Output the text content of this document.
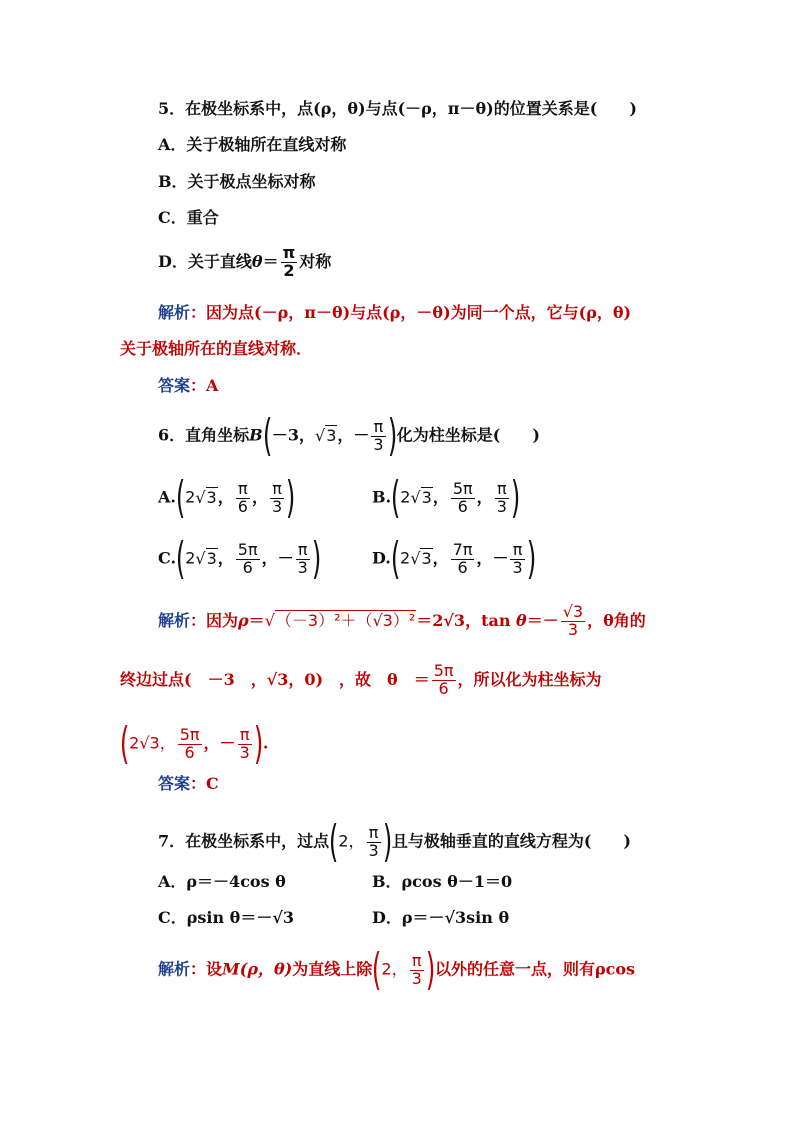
5．在极坐标系中，点(ρ，θ)与点(－ρ，π－θ)的位置关系是(　　)
A．关于极轴所在直线对称
B．关于极点坐标对称
C．重合
D．关于直线$\theta= \frac{\pi}{2}$ 对称
解析：因为点(－ρ，π－θ)与点(ρ，－θ)为同一个点，它与(ρ，θ)
关于极轴所在的直线对称．
答案：A
6．直角坐标B(－3，√3，－ $\frac{\pi}{3}$ )化为柱坐标是(　　)
A.(2√3， $\frac{\pi}{6}$ ， $\frac{\pi}{3}$ )	B.(2√3， $\frac{5\pi}{6}$ ， $\frac{\pi}{3}$ )
C.(2√3， $\frac{5\pi}{6}$ ，－ $\frac{\pi}{3}$ )	D.(2√3， $\frac{7\pi}{6}$ ，－ $\frac{\pi}{3}$ )
解析：因为ρ＝√（－3）²＋（√3）²＝2√3，$\tan \theta=- \frac{√3}{3}$ ，θ角的
终边过点(　－3　，√3，0)　，故　θ　＝ $\frac{5\pi}{6}$ ，所以化为柱坐标为
(2√3， $\frac{5\pi}{6}$ ，－ $\frac{\pi}{3}$ ).
答案：C
7．在极坐标系中，过点(2， $\frac{\pi}{3}$ )且与极轴垂直的直线方程为(　　)
A．ρ＝－4cos θ	B．ρcos θ－1＝0
C．ρsin θ＝－√3	D．ρ＝－√3sin θ
解析：设M(ρ，θ)为直线上除(2， $\frac{\pi}{3}$ )以外的任意一点，则有ρcos
